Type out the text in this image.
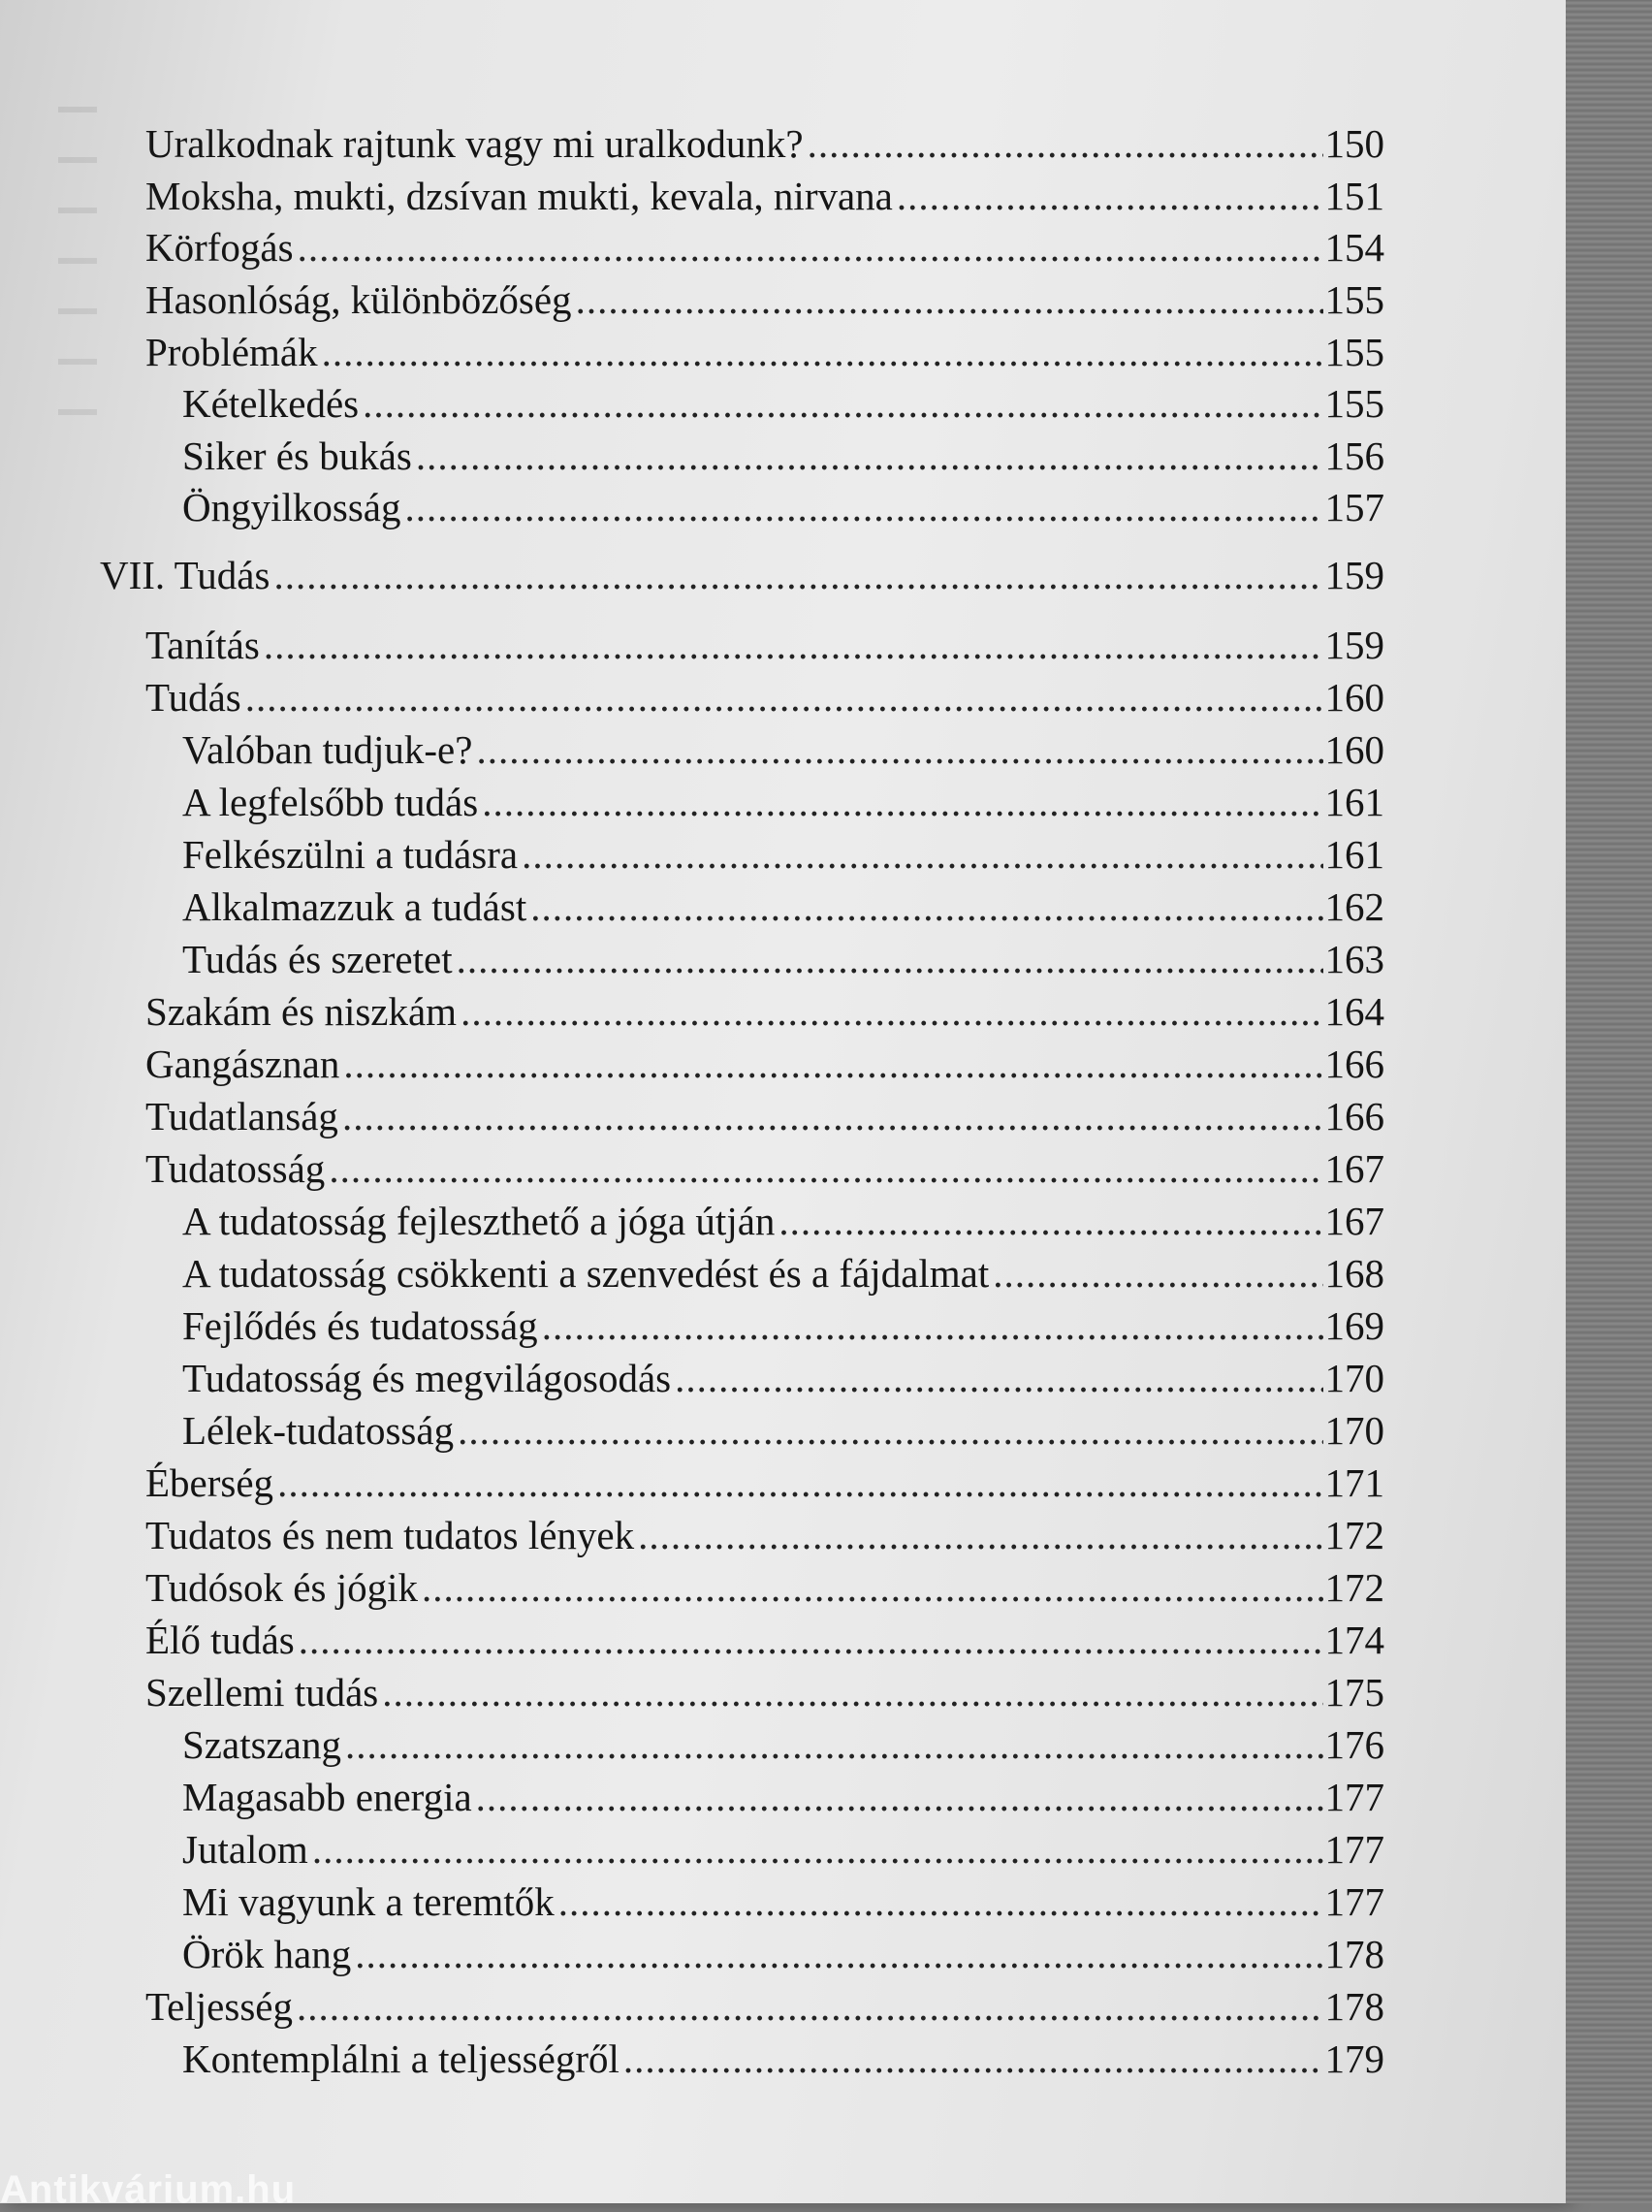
Uralkodnak rajtunk vagy mi uralkodunk? .....	150
Moksha, mukti, dzsívan mukti, kevala, nirvana .....	151
Körfogás .....	154
Hasonlóság, különbözőség .....	155
Problémák .....	155
Kételkedés .....	155
Siker és bukás .....	156
Öngyilkosság .....	157
VII. Tudás .....	159
Tanítás .....	159
Tudás .....	160
Valóban tudjuk-e? .....	160
A legfelsőbb tudás .....	161
Felkészülni a tudásra .....	161
Alkalmazzuk a tudást .....	162
Tudás és szeretet .....	163
Szakám és niszkám .....	164
Gangásznan .....	166
Tudatlanság .....	166
Tudatosság .....	167
A tudatosság fejleszthető a jóga útján .....	167
A tudatosság csökkenti a szenvedést és a fájdalmat .....	168
Fejlődés és tudatosság .....	169
Tudatosság és megvilágosodás .....	170
Lélek-tudatosság .....	170
Éberség .....	171
Tudatos és nem tudatos lények .....	172
Tudósok és jógik .....	172
Élő tudás .....	174
Szellemi tudás .....	175
Szatszang .....	176
Magasabb energia .....	177
Jutalom .....	177
Mi vagyunk a teremtők .....	177
Örök hang .....	178
Teljesség .....	178
Kontemplálni a teljességről .....	179
Antikvárium.hu
